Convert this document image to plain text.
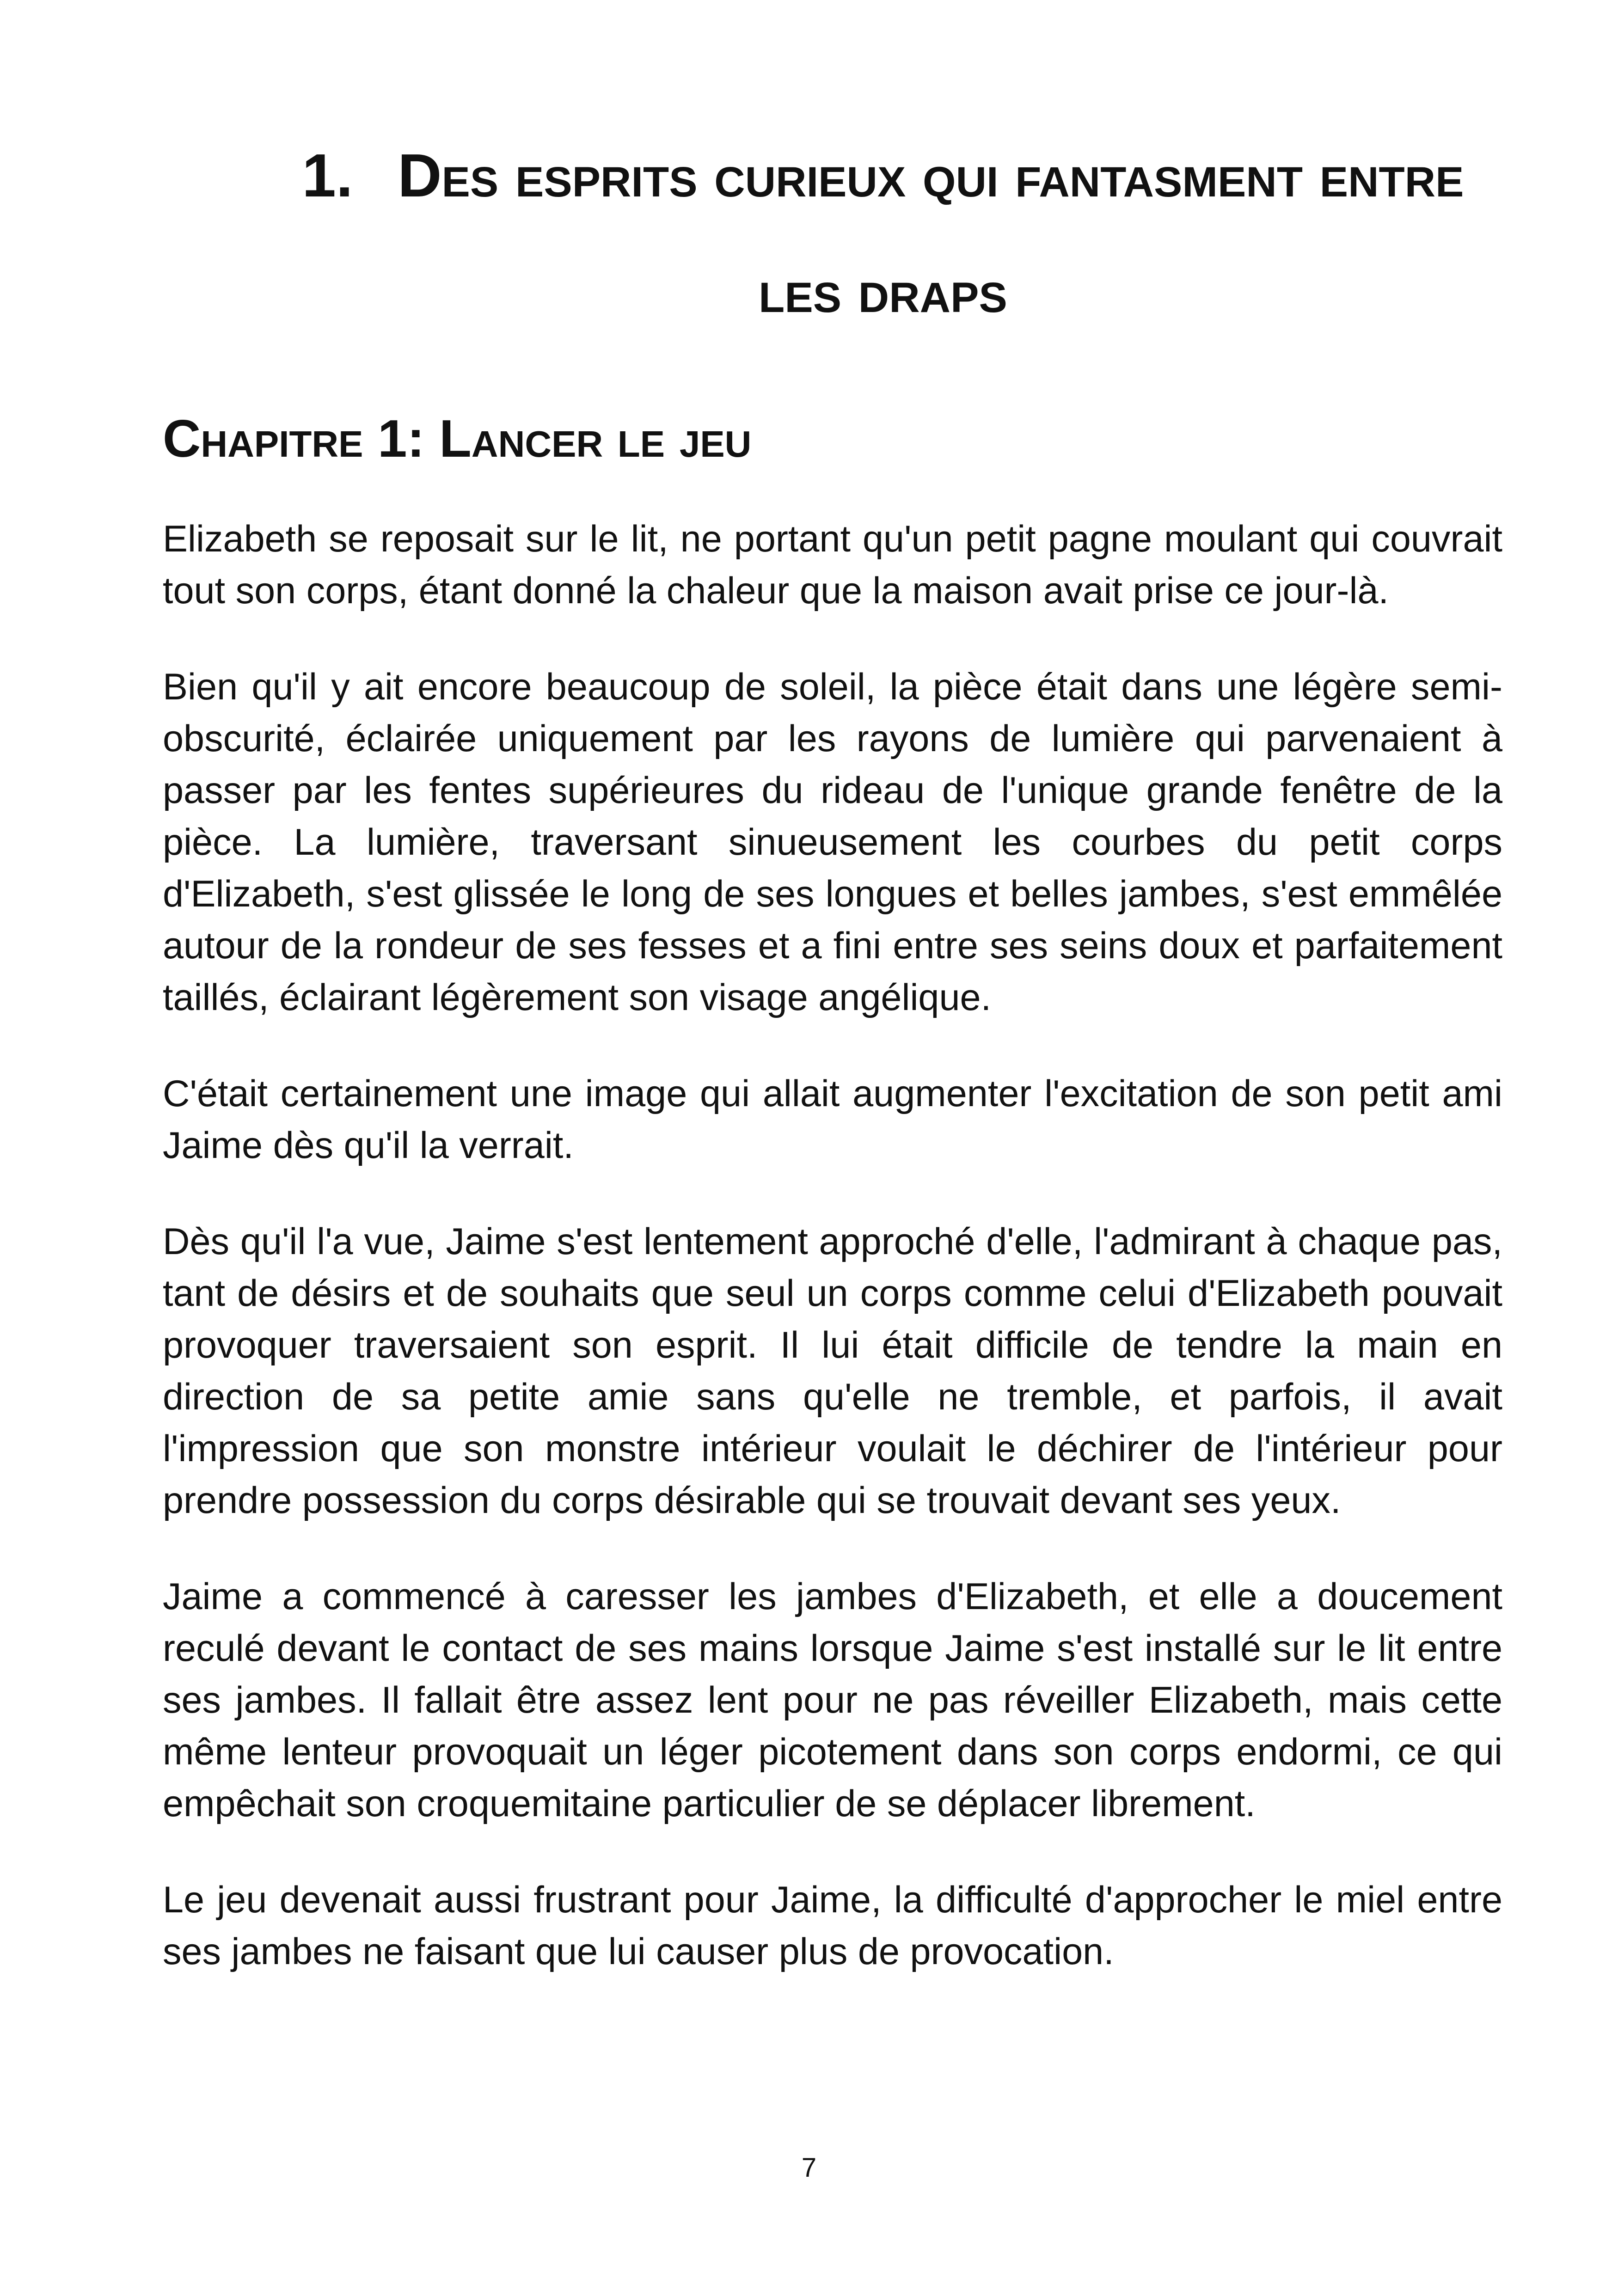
1. Des esprits curieux qui fantasment entre les draps
Chapitre 1: Lancer le jeu

Elizabeth se reposait sur le lit, ne portant qu'un petit pagne moulant qui couvrait tout son corps, étant donné la chaleur que la maison avait prise ce jour-là.

Bien qu'il y ait encore beaucoup de soleil, la pièce était dans une légère semi-obscurité, éclairée uniquement par les rayons de lumière qui parvenaient à passer par les fentes supérieures du rideau de l'unique grande fenêtre de la pièce. La lumière, traversant sinueusement les courbes du petit corps d'Elizabeth, s'est glissée le long de ses longues et belles jambes, s'est emmêlée autour de la rondeur de ses fesses et a fini entre ses seins doux et parfaitement taillés, éclairant légèrement son visage angélique.

C'était certainement une image qui allait augmenter l'excitation de son petit ami Jaime dès qu'il la verrait.

Dès qu'il l'a vue, Jaime s'est lentement approché d'elle, l'admirant à chaque pas, tant de désirs et de souhaits que seul un corps comme celui d'Elizabeth pouvait provoquer traversaient son esprit. Il lui était difficile de tendre la main en direction de sa petite amie sans qu'elle ne tremble, et parfois, il avait l'impression que son monstre intérieur voulait le déchirer de l'intérieur pour prendre possession du corps désirable qui se trouvait devant ses yeux.

Jaime a commencé à caresser les jambes d'Elizabeth, et elle a doucement reculé devant le contact de ses mains lorsque Jaime s'est installé sur le lit entre ses jambes. Il fallait être assez lent pour ne pas réveiller Elizabeth, mais cette même lenteur provoquait un léger picotement dans son corps endormi, ce qui empêchait son croquemitaine particulier de se déplacer librement.

Le jeu devenait aussi frustrant pour Jaime, la difficulté d'approcher le miel entre ses jambes ne faisant que lui causer plus de provocation.

7
